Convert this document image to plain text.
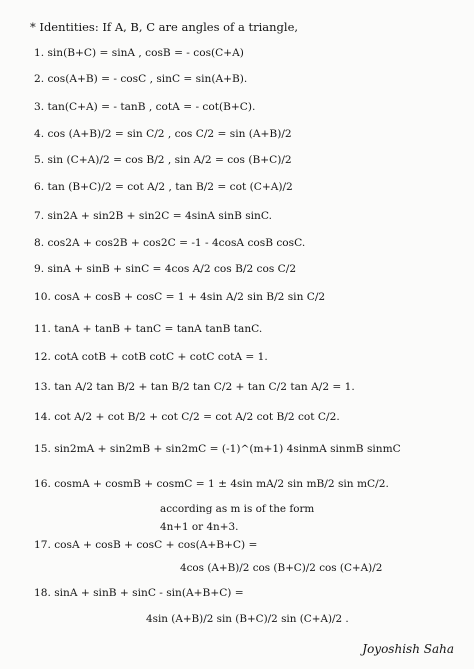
* Identities: If A, B, C are angles of a triangle,
1. sin(B+C) = sinA , cosB = - cos(C+A)
2. cos(A+B) = - cosC , sinC = sin(A+B).
3. tan(C+A) = - tanB , cotA = - cot(B+C).
4. cos (A+B)/2 = sin C/2 , cos C/2 = sin (A+B)/2
5. sin (C+A)/2 = cos B/2 , sin A/2 = cos (B+C)/2
6. tan (B+C)/2 = cot A/2 , tan B/2 = cot (C+A)/2
7. sin2A + sin2B + sin2C = 4sinA sinB sinC.
8. cos2A + cos2B + cos2C = -1 - 4cosA cosB cosC.
9. sinA + sinB + sinC = 4cos A/2 cos B/2 cos C/2
10. cosA + cosB + cosC = 1 + 4sin A/2 sin B/2 sin C/2
11. tanA + tanB + tanC = tanA tanB tanC.
12. cotA cotB + cotB cotC + cotC cotA = 1.
13. tan A/2 tan B/2 + tan B/2 tan C/2 + tan C/2 tan A/2 = 1.
14. cot A/2 + cot B/2 + cot C/2 = cot A/2 cot B/2 cot C/2.
15. sin2mA + sin2mB + sin2mC = (-1)^(m+1) 4sinmA sinmB sinmC
16. cosmA + cosmB + cosmC = 1 ± 4sin mA/2 sin mB/2 sin mC/2.
according as m is of the form
4n+1 or 4n+3.
17. cosA + cosB + cosC + cos(A+B+C) =
4cos (A+B)/2 cos (B+C)/2 cos (C+A)/2
18. sinA + sinB + sinC - sin(A+B+C) =
4sin (A+B)/2 sin (B+C)/2 sin (C+A)/2 .
Joyoshish Saha
